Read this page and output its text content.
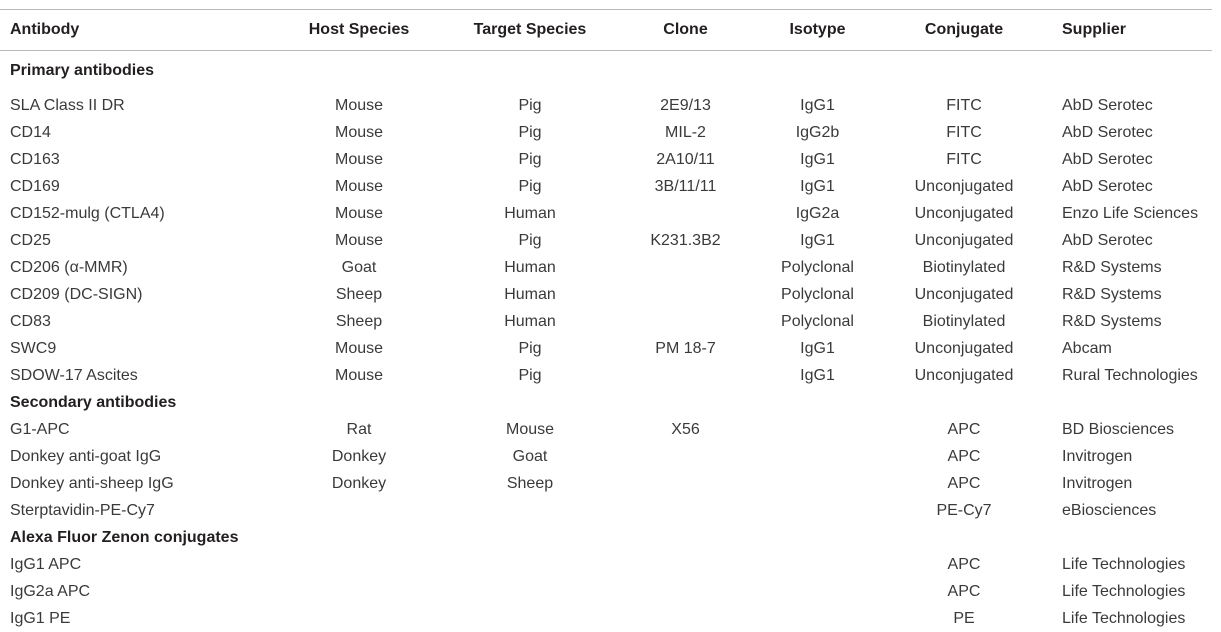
Antibody	Host Species	Target Species	Clone	Isotype	Conjugate	Supplier
Primary antibodies						
SLA Class II DR	Mouse	Pig	2E9/13	IgG1	FITC	AbD Serotec
CD14	Mouse	Pig	MIL-2	IgG2b	FITC	AbD Serotec
CD163	Mouse	Pig	2A10/11	IgG1	FITC	AbD Serotec
CD169	Mouse	Pig	3B/11/11	IgG1	Unconjugated	AbD Serotec
CD152-mulg (CTLA4)	Mouse	Human		IgG2a	Unconjugated	Enzo Life Sciences
CD25	Mouse	Pig	K231.3B2	IgG1	Unconjugated	AbD Serotec
CD206 (α-MMR)	Goat	Human		Polyclonal	Biotinylated	R&D Systems
CD209 (DC-SIGN)	Sheep	Human		Polyclonal	Unconjugated	R&D Systems
CD83	Sheep	Human		Polyclonal	Biotinylated	R&D Systems
SWC9	Mouse	Pig	PM 18-7	IgG1	Unconjugated	Abcam
SDOW-17 Ascites	Mouse	Pig		IgG1	Unconjugated	Rural Technologies
Secondary antibodies						
G1-APC	Rat	Mouse	X56		APC	BD Biosciences
Donkey anti-goat IgG	Donkey	Goat			APC	Invitrogen
Donkey anti-sheep IgG	Donkey	Sheep			APC	Invitrogen
Sterptavidin-PE-Cy7					PE-Cy7	eBiosciences
Alexa Fluor Zenon conjugates						
IgG1 APC					APC	Life Technologies
IgG2a APC					APC	Life Technologies
IgG1 PE					PE	Life Technologies
